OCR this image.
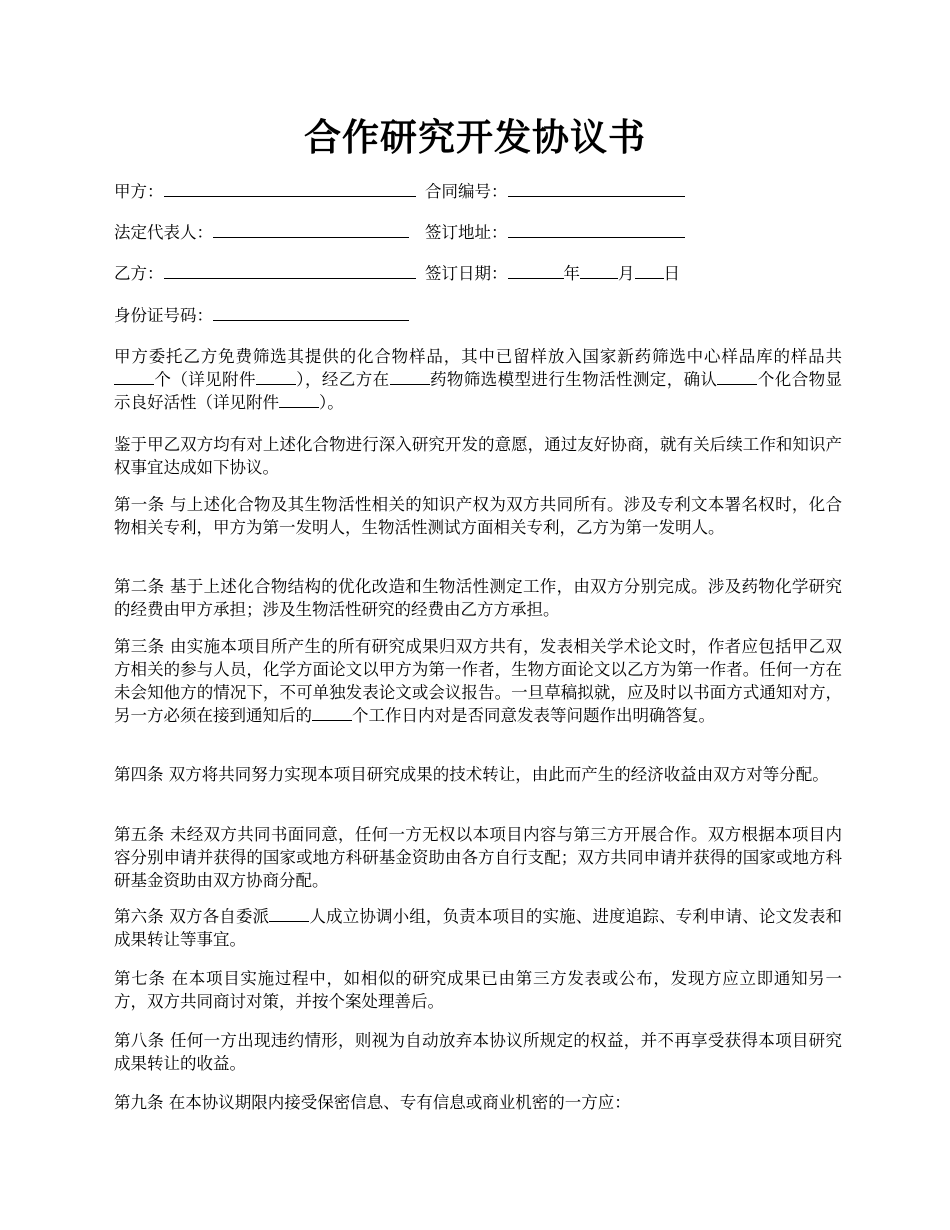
合作研究开发协议书
甲方：	合同编号：
法定代表人：	签订地址：
乙方：	签订日期：	年 月 日
身份证号码：
甲方委托乙方免费筛选其提供的化合物样品，其中已留样放入国家新药筛选中心样品库的样品共个（详见附件 ），经乙方在 药物筛选模型进行生物活性测定，确认 个化合物显示良好活性（详见附件 ）。
鉴于甲乙双方均有对上述化合物进行深入研究开发的意愿，通过友好协商，就有关后续工作和知识产权事宜达成如下协议。
第一条 与上述化合物及其生物活性相关的知识产权为双方共同所有。涉及专利文本署名权时，化合物相关专利，甲方为第一发明人，生物活性测试方面相关专利，乙方为第一发明人。
第二条 基于上述化合物结构的优化改造和生物活性测定工作，由双方分别完成。涉及药物化学研究的经费由甲方承担；涉及生物活性研究的经费由乙方方承担。
第三条 由实施本项目所产生的所有研究成果归双方共有，发表相关学术论文时，作者应包括甲乙双方相关的参与人员，化学方面论文以甲方为第一作者，生物方面论文以乙方为第一作者。任何一方在未会知他方的情况下，不可单独发表论文或会议报告。一旦草稿拟就，应及时以书面方式通知对方，另一方必须在接到通知后的 个工作日内对是否同意发表等问题作出明确答复。
第四条 双方将共同努力实现本项目研究成果的技术转让，由此而产生的经济收益由双方对等分配。
第五条 未经双方共同书面同意，任何一方无权以本项目内容与第三方开展合作。双方根据本项目内容分别申请并获得的国家或地方科研基金资助由各方自行支配；双方共同申请并获得的国家或地方科研基金资助由双方协商分配。
第六条 双方各自委派 人成立协调小组，负责本项目的实施、进度追踪、专利申请、论文发表和成果转让等事宜。
第七条 在本项目实施过程中，如相似的研究成果已由第三方发表或公布，发现方应立即通知另一方，双方共同商讨对策，并按个案处理善后。
第八条 任何一方出现违约情形，则视为自动放弃本协议所规定的权益，并不再享受获得本项目研究成果转让的收益。
第九条 在本协议期限内接受保密信息、专有信息或商业机密的一方应：
